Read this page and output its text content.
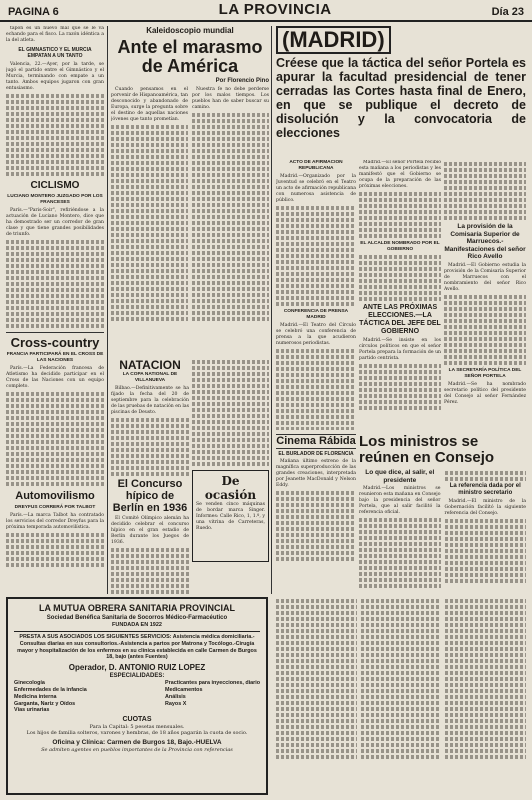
PAGINA 6	LA PROVINCIA	Día 23

tapón es un nuevo mal que se le va echando para el fisco. La razón idéntica a la del atleta.

EL GIMNASTICO Y EL MURCIA EMPATAN A UN TANTO

Valencia, 22.—Ayer, por la tarde, se jugó el partido entre el Gimnástico y el Murcia, terminando con empate a un tanto. Ambos equipos jugaron con gran entusiasmo.

CICLISMO
LUCIANO MONTERO JUZGADO POR LOS FRANCESES

París.—"Paris-Soir", refiriéndose a la actuación de Luciano Montero, dice que ha demostrado ser un corredor de gran clase y que tiene grandes posibilidades de triunfo.

Cross-country
FRANCIA PARTICIPARÁ EN EL CROSS DE LAS NACIONES

París.—La Federación francesa de Atletismo ha decidido participar en el Cross de las Naciones con un equipo completo.

Automovilismo
DREYFUS CORRERÁ POR TALBOT

París.—La marca Talbot ha contratado los servicios del corredor Dreyfus para la próxima temporada automovilística.

Kaleidoscopio mundial
Ante el marasmo de América
Por Florencio Pino

Cuando pensamos en el porvenir de Hispanoamérica, tan desconocido y abandonado de Europa, surge la pregunta sobre el destino de aquellas naciones jóvenes que tanto prometían.

Nuestra fe no debe perderse por los malos tiempos. Los pueblos han de saber buscar su camino.

NATACION
LA COPA NATIONAL DE VILLANUEVA

Bilbao.—Definitivamente se ha fijado la fecha del 20 de septiembre para la celebración de las pruebas de natación en las piscinas de Deusto.

El Concurso hípico de Berlín en 1936

El Comité Olímpico alemán ha decidido celebrar el concurso hípico en el gran estadio de Berlín durante los Juegos de 1936.

De ocasión
Se venden cinco máquinas de bordar marca Singer. Informes: Calle Rico, 1, 1.º, y una vitrina de Carreteras, Ruedo.
(MADRID)
Créese que la táctica del señor Portela es apurar la facultad presidencial de tener cerradas las Cortes hasta final de Enero, en que se publique el decreto de disolución y la convocatoria de elecciones
ACTO DE AFIRMACIÓN REPUBLICANA

Madrid.—Organizado por la Juventud se celebró en el Teatro un acto de afirmación republicana con numerosa asistencia de público.

CONFERENCIA DE PRENSA MADRID

Madrid.—El Teatro del Círculo se celebró una conferencia de prensa a la que acudieron numerosos periodistas.

Madrid.—El señor Portela recibió esta mañana a los periodistas y les manifestó que el Gobierno se ocupa de la preparación de las próximas elecciones.

EL ALCALDE NOMBRADO POR EL GOBIERNO
ANTE LAS PRÓXIMAS ELECCIONES.—LA TÁCTICA DEL JEFE DEL GOBIERNO

Madrid.—Se insiste en los círculos políticos en que el señor Portela prepara la formación de un partido centrista.

La provisión de la Comisaría Superior de Marruecos.-Manifestaciones del señor Rico Avello

Madrid.—El Gobierno estudia la provisión de la Comisaría Superior de Marruecos con el nombramiento del señor Rico Avello.

LA SECRETARÍA POLÍTICA DEL SEÑOR PORTELA

Madrid.—Se ha nombrado secretario político del presidente del Consejo al señor Fernández Pérez.

Cinema Rábida
EL BURLADOR DE FLORENCIA

Mañana último estreno de la magnífica superproducción de las grandes creaciones, interpretada por Jeanette MacDonald y Nelson Eddy.

Los ministros se reúnen en Consejo
Lo que dice, al salir, el presidente

Madrid.—Los ministros se reunieron esta mañana en Consejo bajo la presidencia del señor Portela, que al salir facilitó la referencia oficial.

La referencia dada por el ministro secretario

Madrid.—El ministro de la Gobernación facilitó la siguiente referencia del Consejo.

LA MUTUA OBRERA SANITARIA PROVINCIAL
Sociedad Benéfica Sanitaria de Socorros Médico-Farmacéutico
FUNDADA EN 1922
PRESTA A SUS ASOCIADOS LOS SIGUIENTES SERVICIOS: Asistencia médica domiciliaria.-Consultas diarias en sus consultorios.-Asistencia a partos por Matrona y Tocólogo.-Cirugía mayor y hospitalización de los enfermos en su clínica establecida en calle Carmen de Burgos 18, bajo (antes Fuentes)
Operador, D. ANTONIO RUIZ LOPEZ
ESPECIALIDADES:
Ginecología
Enfermedades de la infancia
Medicina interna
Garganta, Nariz y Oídos
Vías urinarias
Practicantes para inyecciones, diario
Medicamentos
Análisis
Rayos X
CUOTAS
Para la Capital: 5 pesetas mensuales.
Los hijos de familia solteros, varones y hembras, de 18 años pagarán la cuota de socio.
Oficina y Clínica: Carmen de Burgos 18, Bajo.-HUELVA
Se admiten agentes en pueblos importantes de la Provincia con referencias
